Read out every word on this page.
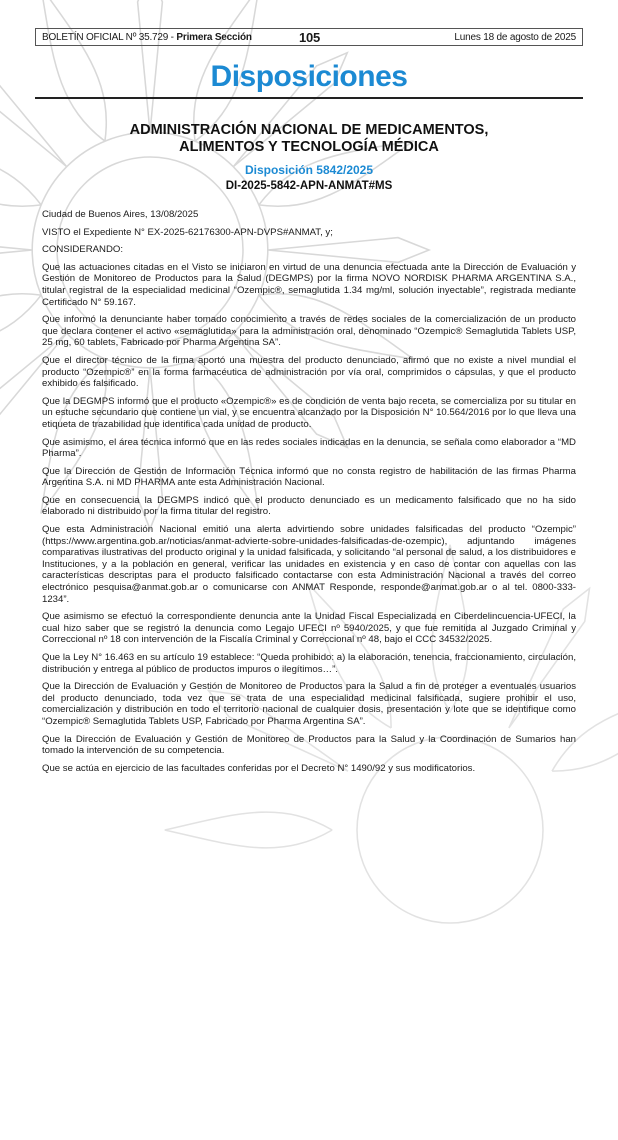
BOLETÍN OFICIAL Nº 35.729 - Primera Sección	105	Lunes 18 de agosto de 2025
Disposiciones
ADMINISTRACIÓN NACIONAL DE MEDICAMENTOS,
ALIMENTOS Y TECNOLOGÍA MÉDICA
Disposición 5842/2025
DI-2025-5842-APN-ANMAT#MS

Ciudad de Buenos Aires, 13/08/2025

VISTO el Expediente N° EX-2025-62176300-APN-DVPS#ANMAT, y;

CONSIDERANDO:

Que las actuaciones citadas en el Visto se iniciaron en virtud de una denuncia efectuada ante la Dirección de Evaluación y Gestión de Monitoreo de Productos para la Salud (DEGMPS) por la firma NOVO NORDISK PHARMA ARGENTINA S.A., titular registral de la especialidad medicinal “Ozempic®, semaglutida 1.34 mg/ml, solución inyectable”, registrada mediante Certificado N° 59.167.

Que informó la denunciante haber tomado conocimiento a través de redes sociales de la comercialización de un producto que declara contener el activo «semaglutida» para la administración oral, denominado “Ozempic® Semaglutida Tablets USP, 25 mg, 60 tablets, Fabricado por Pharma Argentina SA”.

Que el director técnico de la firma aportó una muestra del producto denunciado, afirmó que no existe a nivel mundial el producto “Ozempic®” en la forma farmacéutica de administración por vía oral, comprimidos o cápsulas, y que el producto exhibido es falsificado.

Que la DEGMPS informó que el producto «Ozempic®» es de condición de venta bajo receta, se comercializa por su titular en un estuche secundario que contiene un vial, y se encuentra alcanzado por la Disposición N° 10.564/2016 por lo que lleva una etiqueta de trazabilidad que identifica cada unidad de producto.

Que asimismo, el área técnica informó que en las redes sociales indicadas en la denuncia, se señala como elaborador a “MD Pharma”.

Que la Dirección de Gestión de Información Técnica informó que no consta registro de habilitación de las firmas Pharma Argentina S.A. ni MD PHARMA ante esta Administración Nacional.

Que en consecuencia la DEGMPS indicó que el producto denunciado es un medicamento falsificado que no ha sido elaborado ni distribuido por la firma titular del registro.

Que esta Administración Nacional emitió una alerta advirtiendo sobre unidades falsificadas del producto “Ozempic” (https://www.argentina.gob.ar/noticias/anmat-advierte-sobre-unidades-falsificadas-de-ozempic), adjuntando imágenes comparativas ilustrativas del producto original y la unidad falsificada, y solicitando “al personal de salud, a los distribuidores e Instituciones, y a la población en general, verificar las unidades en existencia y en caso de contar con aquellas con las características descriptas para el producto falsificado contactarse con esta Administración Nacional a través del correo electrónico pesquisa@anmat.gob.ar o comunicarse con ANMAT Responde, responde@anmat.gob.ar o al tel. 0800-333-1234”.

Que asimismo se efectuó la correspondiente denuncia ante la Unidad Fiscal Especializada en Ciberdelincuencia-UFECI, la cual hizo saber que se registró la denuncia como Legajo UFECI nº 5940/2025, y que fue remitida al Juzgado Criminal y Correccional nº 18 con intervención de la Fiscalía Criminal y Correccional nº 48, bajo el CCC 34532/2025.

Que la Ley N° 16.463 en su artículo 19 establece: “Queda prohibido: a) la elaboración, tenencia, fraccionamiento, circulación, distribución y entrega al público de productos impuros o ilegítimos…”.

Que la Dirección de Evaluación y Gestión de Monitoreo de Productos para la Salud a fin de proteger a eventuales usuarios del producto denunciado, toda vez que se trata de una especialidad medicinal falsificada, sugiere prohibir el uso, comercialización y distribución en todo el territorio nacional de cualquier dosis, presentación y lote que se identifique como “Ozempic® Semaglutida Tablets USP, Fabricado por Pharma Argentina SA”.

Que la Dirección de Evaluación y Gestión de Monitoreo de Productos para la Salud y la Coordinación de Sumarios han tomado la intervención de su competencia.

Que se actúa en ejercicio de las facultades conferidas por el Decreto N° 1490/92 y sus modificatorios.
